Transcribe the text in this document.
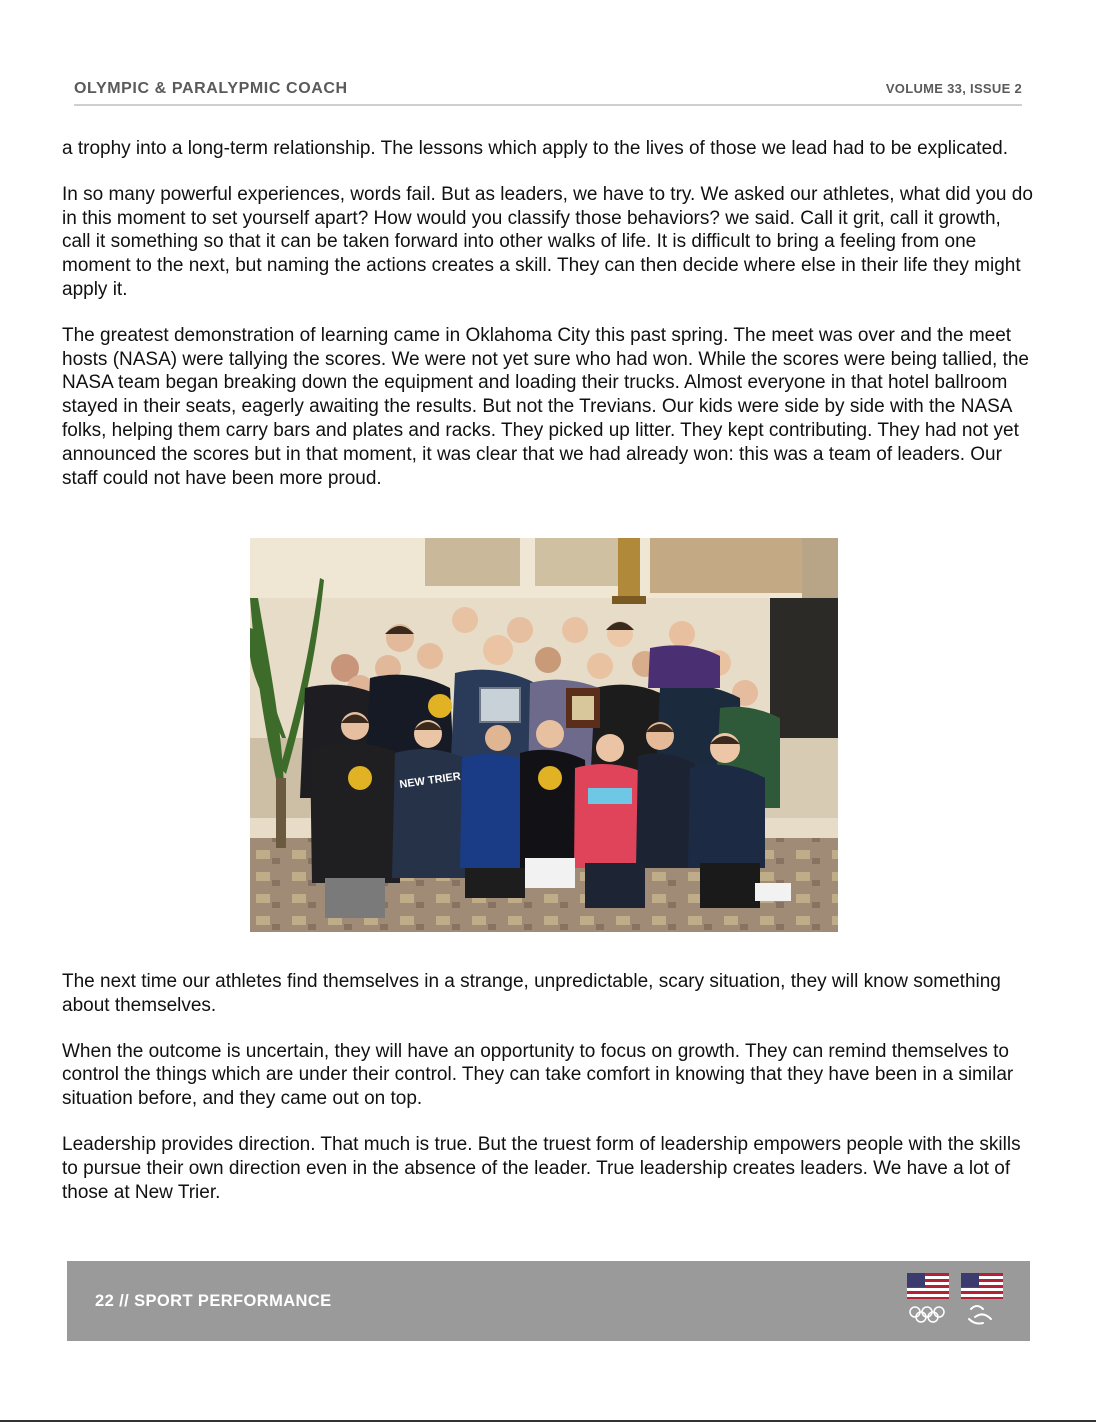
OLYMPIC & PARALYPMIC COACH	VOLUME 33, ISSUE 2

a trophy into a long-term relationship. The lessons which apply to the lives of those we lead had to be explicated.

In so many powerful experiences, words fail. But as leaders, we have to try. We asked our athletes, what did you do in this moment to set yourself apart? How would you classify those behaviors? we said. Call it grit, call it growth, call it something so that it can be taken forward into other walks of life. It is difficult to bring a feeling from one moment to the next, but naming the actions creates a skill. They can then decide where else in their life they might apply it.

The greatest demonstration of learning came in Oklahoma City this past spring. The meet was over and the meet hosts (NASA) were tallying the scores. We were not yet sure who had won. While the scores were being tallied, the NASA team began breaking down the equipment and loading their trucks. Almost everyone in that hotel ballroom stayed in their seats, eagerly awaiting the results. But not the Trevians. Our kids were side by side with the NASA folks, helping them carry bars and plates and racks. They picked up litter. They kept contributing. They had not yet announced the scores but in that moment, it was clear that we had already won: this was a team of leaders. Our staff could not have been more proud.

NEW TRIER

The next time our athletes find themselves in a strange, unpredictable, scary situation, they will know something about themselves.

When the outcome is uncertain, they will have an opportunity to focus on growth. They can remind themselves to control the things which are under their control. They can take comfort in knowing that they have been in a similar situation before, and they came out on top.

Leadership provides direction. That much is true. But the truest form of leadership empowers people with the skills to pursue their own direction even in the absence of the leader. True leadership creates leaders. We have a lot of those at New Trier.

22 // SPORT PERFORMANCE
